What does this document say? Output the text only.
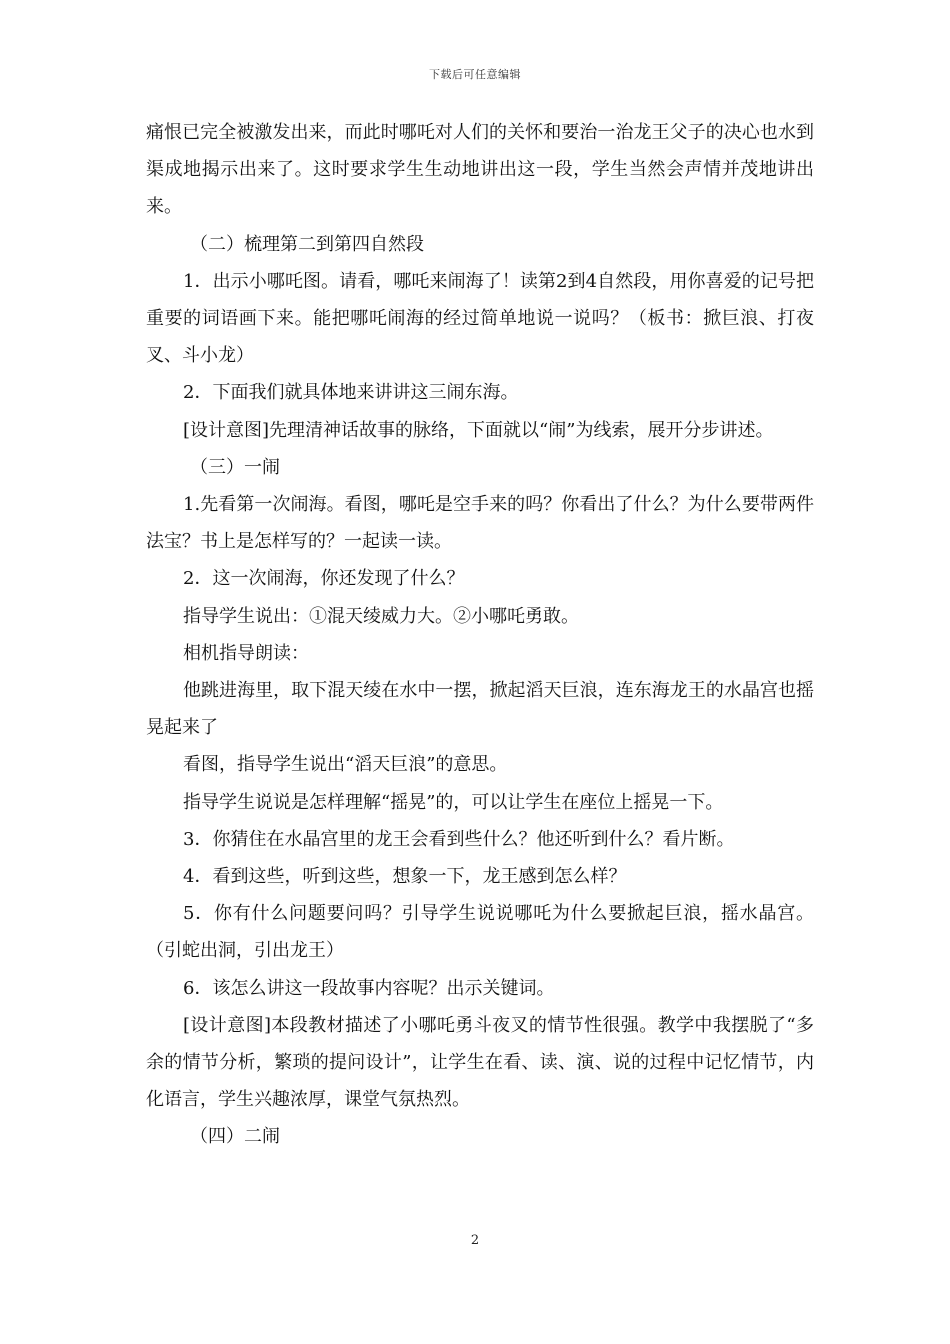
下载后可任意编辑

痛恨已完全被激发出来，而此时哪吒对人们的关怀和要治一治龙王父子的决心也水到渠成地揭示出来了。这时要求学生生动地讲出这一段，学生当然会声情并茂地讲出来。

（二）梳理第二到第四自然段

1．出示小哪吒图。请看，哪吒来闹海了！读第2到4自然段，用你喜爱的记号把重要的词语画下来。能把哪吒闹海的经过简单地说一说吗？（板书：掀巨浪、打夜叉、斗小龙）

2．下面我们就具体地来讲讲这三闹东海。

[设计意图]先理清神话故事的脉络，下面就以“闹”为线索，展开分步讲述。

（三）一闹

1.先看第一次闹海。看图，哪吒是空手来的吗？你看出了什么？为什么要带两件法宝？书上是怎样写的？一起读一读。

2．这一次闹海，你还发现了什么？

指导学生说出：①混天绫威力大。②小哪吒勇敢。

相机指导朗读：

他跳进海里，取下混天绫在水中一摆，掀起滔天巨浪，连东海龙王的水晶宫也摇晃起来了

看图，指导学生说出“滔天巨浪”的意思。

指导学生说说是怎样理解“摇晃”的，可以让学生在座位上摇晃一下。

3．你猜住在水晶宫里的龙王会看到些什么？他还听到什么？看片断。

4．看到这些，听到这些，想象一下，龙王感到怎么样？

5．你有什么问题要问吗？引导学生说说哪吒为什么要掀起巨浪，摇水晶宫。（引蛇出洞，引出龙王）

6．该怎么讲这一段故事内容呢？出示关键词。

[设计意图]本段教材描述了小哪吒勇斗夜叉的情节性很强。教学中我摆脱了“多余的情节分析，繁琐的提问设计”，让学生在看、读、演、说的过程中记忆情节，内化语言，学生兴趣浓厚，课堂气氛热烈。

（四）二闹

2
